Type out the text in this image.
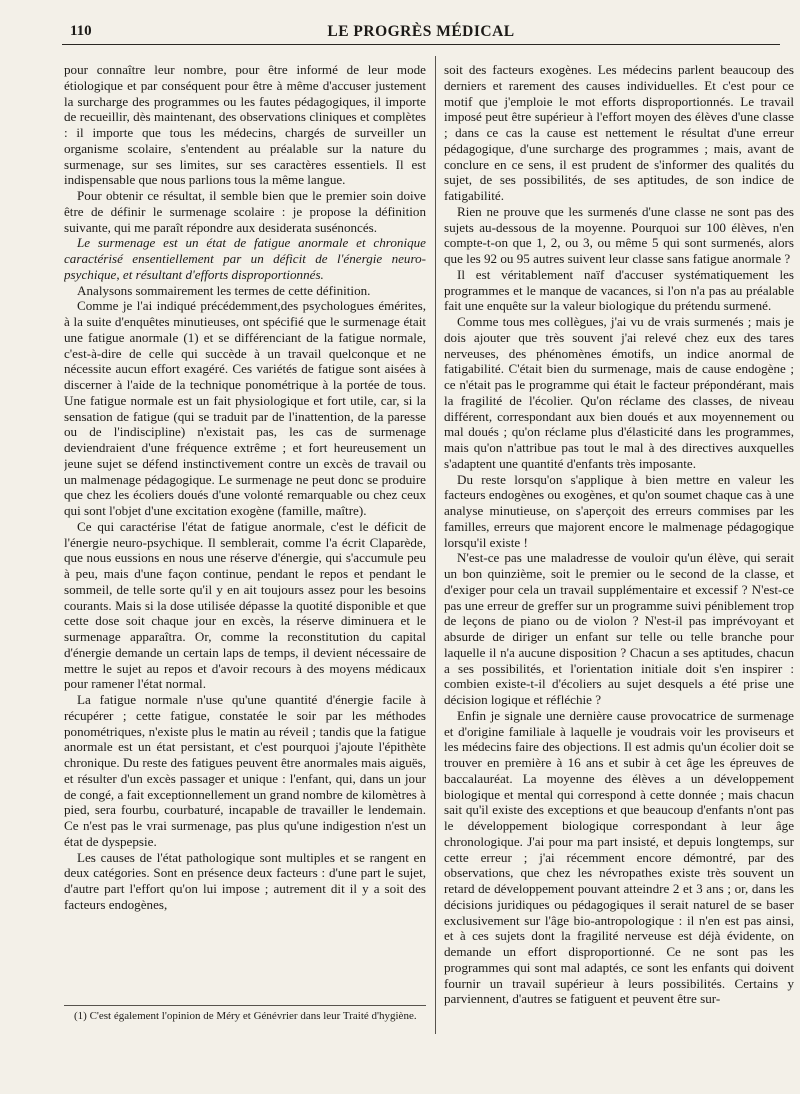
110	LE PROGRÈS MÉDICAL

pour connaître leur nombre, pour être informé de leur mode étiologique et par conséquent pour être à même d'accuser justement la surcharge des programmes ou les fautes pédagogiques, il importe de recueillir, dès maintenant, des observations cliniques et complètes : il importe que tous les médecins, chargés de surveiller un organisme scolaire, s'entendent au préalable sur la nature du surmenage, sur ses limites, sur ses caractères essentiels. Il est indispensable que nous parlions tous la même langue.

Pour obtenir ce résultat, il semble bien que le premier soin doive être de définir le surmenage scolaire : je propose la définition suivante, qui me paraît répondre aux desiderata susénoncés.

Le surmenage est un état de fatigue anormale et chronique caractérisé ensentiellement par un déficit de l'énergie neuro-psychique, et résultant d'efforts disproportionnés.

Analysons sommairement les termes de cette définition.

Comme je l'ai indiqué précédemment,des psychologues émérites, à la suite d'enquêtes minutieuses, ont spécifié que le surmenage était une fatigue anormale (1) et se différenciant de la fatigue normale, c'est-à-dire de celle qui succède à un travail quelconque et ne nécessite aucun effort exagéré. Ces variétés de fatigue sont aisées à discerner à l'aide de la technique ponométrique à la portée de tous. Une fatigue normale est un fait physiologique et fort utile, car, si la sensation de fatigue (qui se traduit par de l'inattention, de la paresse ou de l'indiscipline) n'existait pas, les cas de surmenage deviendraient d'une fréquence extrême ; et fort heureusement un jeune sujet se défend instinctivement contre un excès de travail ou un malmenage pédagogique. Le surmenage ne peut donc se produire que chez les écoliers doués d'une volonté remarquable ou chez ceux qui sont l'objet d'une excitation exogène (famille, maître).

Ce qui caractérise l'état de fatigue anormale, c'est le déficit de l'énergie neuro-psychique. Il semblerait, comme l'a écrit Claparède, que nous eussions en nous une réserve d'énergie, qui s'accumule peu à peu, mais d'une façon continue, pendant le repos et pendant le sommeil, de telle sorte qu'il y en ait toujours assez pour les besoins courants. Mais si la dose utilisée dépasse la quotité disponible et que cette dose soit chaque jour en excès, la réserve diminuera et le surmenage apparaîtra. Or, comme la reconstitution du capital d'énergie demande un certain laps de temps, il devient nécessaire de mettre le sujet au repos et d'avoir recours à des moyens médicaux pour ramener l'état normal.

La fatigue normale n'use qu'une quantité d'énergie facile à récupérer ; cette fatigue, constatée le soir par les méthodes ponométriques, n'existe plus le matin au réveil ; tandis que la fatigue anormale est un état persistant, et c'est pourquoi j'ajoute l'épithète chronique. Du reste des fatigues peuvent être anormales mais aiguës, et résulter d'un excès passager et unique : l'enfant, qui, dans un jour de congé, a fait exceptionnellement un grand nombre de kilomètres à pied, sera fourbu, courbaturé, incapable de travailler le lendemain. Ce n'est pas le vrai surmenage, pas plus qu'une indigestion n'est un état de dyspepsie.

Les causes de l'état pathologique sont multiples et se rangent en deux catégories. Sont en présence deux facteurs : d'une part le sujet, d'autre part l'effort qu'on lui impose ; autrement dit il y a soit des facteurs endogènes,

soit des facteurs exogènes. Les médecins parlent beaucoup des derniers et rarement des causes individuelles. Et c'est pour ce motif que j'emploie le mot efforts disproportionnés. Le travail imposé peut être supérieur à l'effort moyen des élèves d'une classe ; dans ce cas la cause est nettement le résultat d'une erreur pédagogique, d'une surcharge des programmes ; mais, avant de conclure en ce sens, il est prudent de s'informer des qualités du sujet, de ses possibilités, de ses aptitudes, de son indice de fatigabilité.

Rien ne prouve que les surmenés d'une classe ne sont pas des sujets au-dessous de la moyenne. Pourquoi sur 100 élèves, n'en compte-t-on que 1, 2, ou 3, ou même 5 qui sont surmenés, alors que les 92 ou 95 autres suivent leur classe sans fatigue anormale ?

Il est véritablement naïf d'accuser systématiquement les programmes et le manque de vacances, si l'on n'a pas au préalable fait une enquête sur la valeur biologique du prétendu surmené.

Comme tous mes collègues, j'ai vu de vrais surmenés ; mais je dois ajouter que très souvent j'ai relevé chez eux des tares nerveuses, des phénomènes émotifs, un indice anormal de fatigabilité. C'était bien du surmenage, mais de cause endogène ; ce n'était pas le programme qui était le facteur prépondérant, mais la fragilité de l'écolier. Qu'on réclame des classes, de niveau différent, correspondant aux bien doués et aux moyennement ou mal doués ; qu'on réclame plus d'élasticité dans les programmes, mais qu'on n'attribue pas tout le mal à des directives auxquelles s'adaptent une quantité d'enfants très imposante.

Du reste lorsqu'on s'applique à bien mettre en valeur les facteurs endogènes ou exogènes, et qu'on soumet chaque cas à une analyse minutieuse, on s'aperçoit des erreurs commises par les familles, erreurs que majorent encore le malmenage pédagogique lorsqu'il existe !

N'est-ce pas une maladresse de vouloir qu'un élève, qui serait un bon quinzième, soit le premier ou le second de la classe, et d'exiger pour cela un travail supplémentaire et excessif ? N'est-ce pas une erreur de greffer sur un programme suivi péniblement trop de leçons de piano ou de violon ? N'est-il pas imprévoyant et absurde de diriger un enfant sur telle ou telle branche pour laquelle il n'a aucune disposition ? Chacun a ses aptitudes, chacun a ses possibilités, et l'orientation initiale doit s'en inspirer : combien existe-t-il d'écoliers au sujet desquels a été prise une décision logique et réfléchie ?

Enfin je signale une dernière cause provocatrice de surmenage et d'origine familiale à laquelle je voudrais voir les proviseurs et les médecins faire des objections. Il est admis qu'un écolier doit se trouver en première à 16 ans et subir à cet âge les épreuves de baccalauréat. La moyenne des élèves a un développement biologique et mental qui correspond à cette donnée ; mais chacun sait qu'il existe des exceptions et que beaucoup d'enfants n'ont pas le développement biologique correspondant à leur âge chronologique. J'ai pour ma part insisté, et depuis longtemps, sur cette erreur ; j'ai récemment encore démontré, par des observations, que chez les névropathes existe très souvent un retard de développement pouvant atteindre 2 et 3 ans ; or, dans les décisions juridiques ou pédagogiques il serait naturel de se baser exclusivement sur l'âge bio-antropologique : il n'en est pas ainsi, et à ces sujets dont la fragilité nerveuse est déjà évidente, on demande un effort disproportionné. Ce ne sont pas les programmes qui sont mal adaptés, ce sont les enfants qui doivent fournir un travail supérieur à leurs possibilités. Certains y parviennent, d'autres se fatiguent et peuvent être sur-

(1) C'est également l'opinion de Méry et Génévrier dans leur Traité d'hygiène.
